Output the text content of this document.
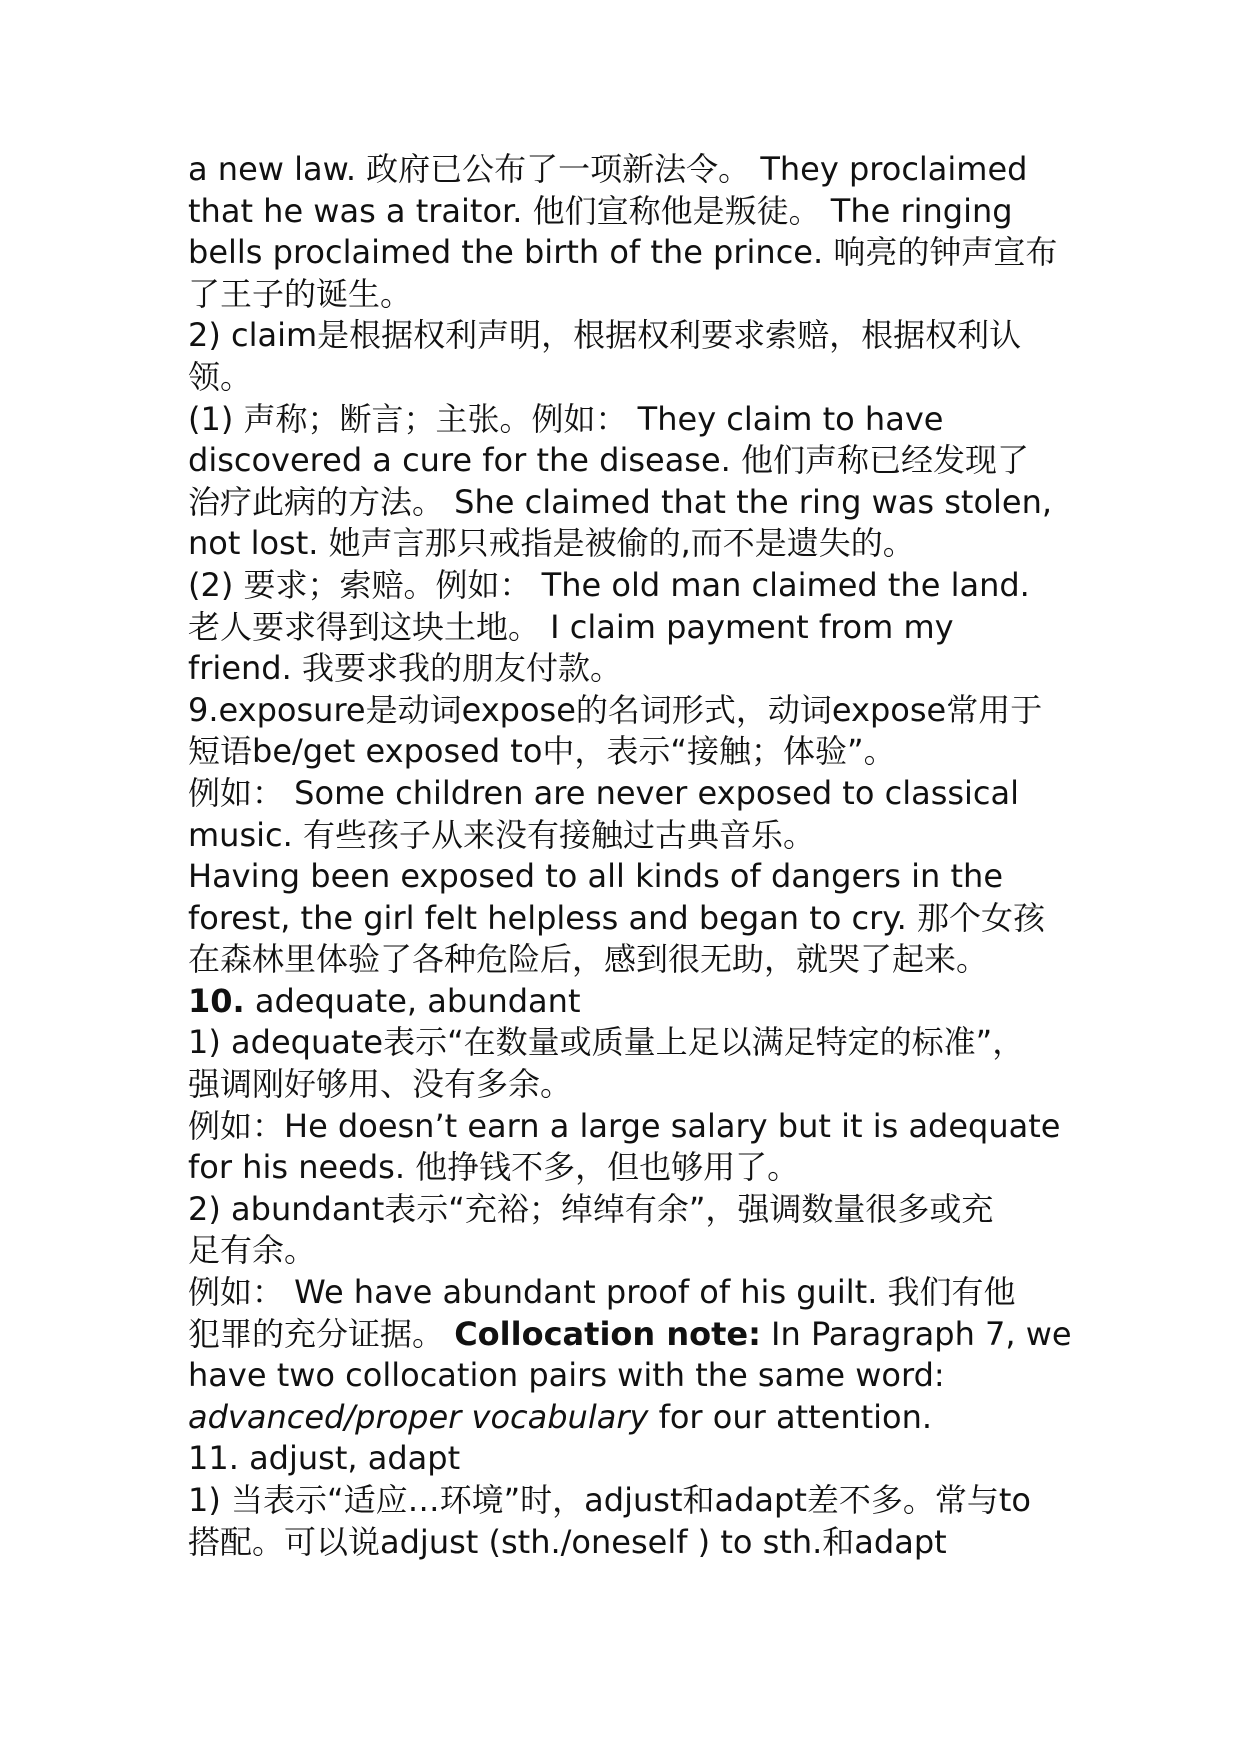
a new law. 政府已公布了一项新法令。 They proclaimed
that he was a traitor. 他们宣称他是叛徒。 The ringing
bells proclaimed the birth of the prince. 响亮的钟声宣布
了王子的诞生。
2) claim是根据权利声明，根据权利要求索赔，根据权利认
领。
(1) 声称；断言；主张。例如： They claim to have
discovered a cure for the disease. 他们声称已经发现了
治疗此病的方法。 She claimed that the ring was stolen,
not lost. 她声言那只戒指是被偷的,而不是遗失的。
(2) 要求；索赔。例如： The old man claimed the land.
老人要求得到这块土地。 I claim payment from my
friend. 我要求我的朋友付款。
9.exposure是动词expose的名词形式，动词expose常用于
短语be/get exposed to中，表示“接触；体验”。
例如： Some children are never exposed to classical
music. 有些孩子从来没有接触过古典音乐。
Having been exposed to all kinds of dangers in the
forest, the girl felt helpless and began to cry. 那个女孩
在森林里体验了各种危险后，感到很无助，就哭了起来。
10. adequate, abundant
1) adequate表示“在数量或质量上足以满足特定的标准”，
强调刚好够用、没有多余。
例如：He doesn’t earn a large salary but it is adequate
for his needs. 他挣钱不多，但也够用了。
2) abundant表示“充裕；绰绰有余”，强调数量很多或充
足有余。
例如： We have abundant proof of his guilt. 我们有他
犯罪的充分证据。 Collocation note: In Paragraph 7, we
have two collocation pairs with the same word:
advanced/proper vocabulary for our attention.
11. adjust, adapt
1) 当表示“适应…环境”时，adjust和adapt差不多。常与to
搭配。可以说adjust (sth./oneself ) to sth.和adapt
